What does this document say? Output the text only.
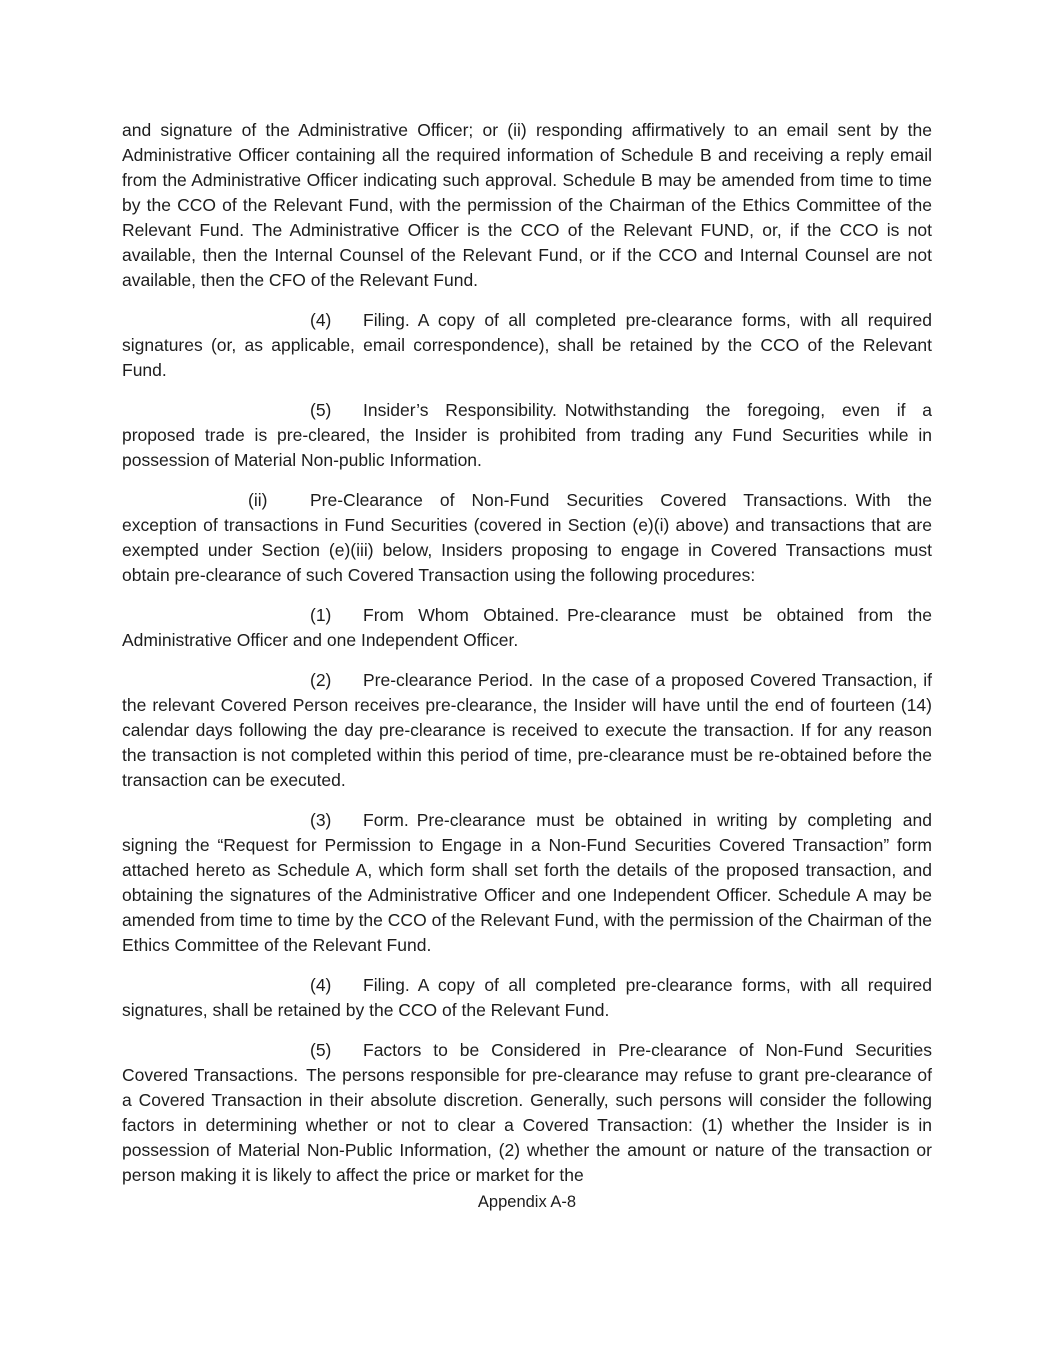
and signature of the Administrative Officer; or (ii) responding affirmatively to an email sent by the Administrative Officer containing all the required information of Schedule B and receiving a reply email from the Administrative Officer indicating such approval. Schedule B may be amended from time to time by the CCO of the Relevant Fund, with the permission of the Chairman of the Ethics Committee of the Relevant Fund. The Administrative Officer is the CCO of the Relevant FUND, or, if the CCO is not available, then the Internal Counsel of the Relevant Fund, or if the CCO and Internal Counsel are not available, then the CFO of the Relevant Fund.

(4) Filing. A copy of all completed pre-clearance forms, with all required signatures (or, as applicable, email correspondence), shall be retained by the CCO of the Relevant Fund.

(5) Insider’s Responsibility. Notwithstanding the foregoing, even if a proposed trade is pre-cleared, the Insider is prohibited from trading any Fund Securities while in possession of Material Non-public Information.

(ii) Pre-Clearance of Non-Fund Securities Covered Transactions. With the exception of transactions in Fund Securities (covered in Section (e)(i) above) and transactions that are exempted under Section (e)(iii) below, Insiders proposing to engage in Covered Transactions must obtain pre-clearance of such Covered Transaction using the following procedures:

(1) From Whom Obtained. Pre-clearance must be obtained from the Administrative Officer and one Independent Officer.

(2) Pre-clearance Period. In the case of a proposed Covered Transaction, if the relevant Covered Person receives pre-clearance, the Insider will have until the end of fourteen (14) calendar days following the day pre-clearance is received to execute the transaction. If for any reason the transaction is not completed within this period of time, pre-clearance must be re-obtained before the transaction can be executed.

(3) Form. Pre-clearance must be obtained in writing by completing and signing the “Request for Permission to Engage in a Non-Fund Securities Covered Transaction” form attached hereto as Schedule A, which form shall set forth the details of the proposed transaction, and obtaining the signatures of the Administrative Officer and one Independent Officer. Schedule A may be amended from time to time by the CCO of the Relevant Fund, with the permission of the Chairman of the Ethics Committee of the Relevant Fund.

(4) Filing. A copy of all completed pre-clearance forms, with all required signatures, shall be retained by the CCO of the Relevant Fund.

(5) Factors to be Considered in Pre-clearance of Non-Fund Securities Covered Transactions. The persons responsible for pre-clearance may refuse to grant pre-clearance of a Covered Transaction in their absolute discretion. Generally, such persons will consider the following factors in determining whether or not to clear a Covered Transaction: (1) whether the Insider is in possession of Material Non-Public Information, (2) whether the amount or nature of the transaction or person making it is likely to affect the price or market for the

Appendix A-8
